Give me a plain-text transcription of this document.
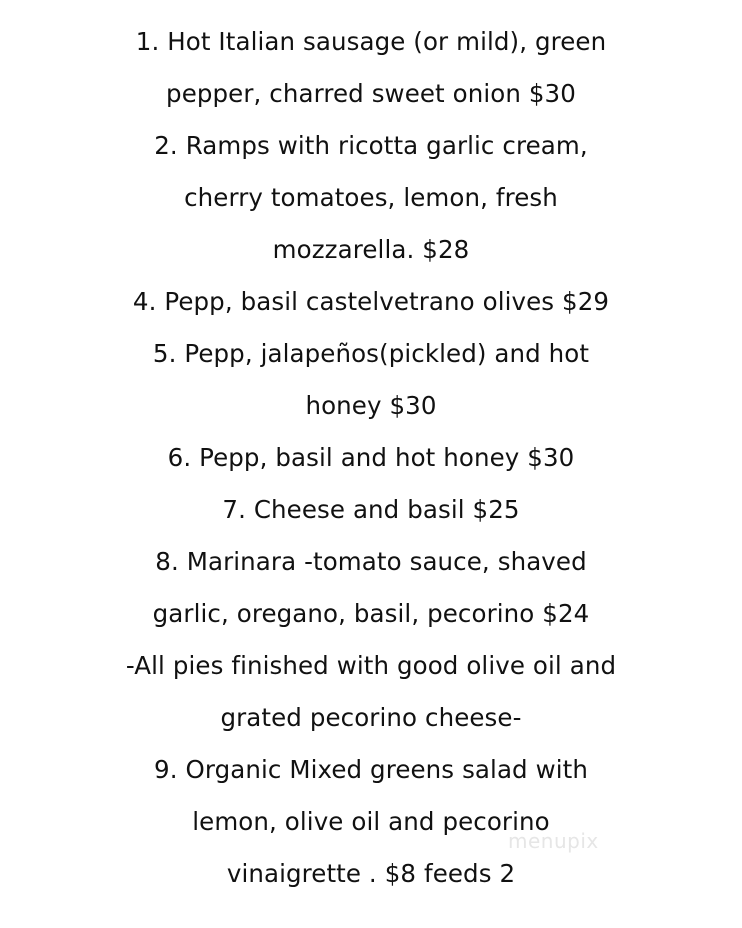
1. Hot Italian sausage (or mild), green
pepper, charred sweet onion $30
2. Ramps with ricotta garlic cream,
cherry tomatoes, lemon, fresh
mozzarella. $28
4. Pepp, basil castelvetrano olives $29
5. Pepp, jalapeños(pickled) and hot
honey $30
6. Pepp, basil and hot honey $30
7. Cheese and basil $25
8. Marinara -tomato sauce, shaved
garlic, oregano, basil, pecorino $24
-All pies finished with good olive oil and
grated pecorino cheese-
9. Organic Mixed greens salad with
lemon, olive oil and pecorino
vinaigrette . $8 feeds 2
menupix
